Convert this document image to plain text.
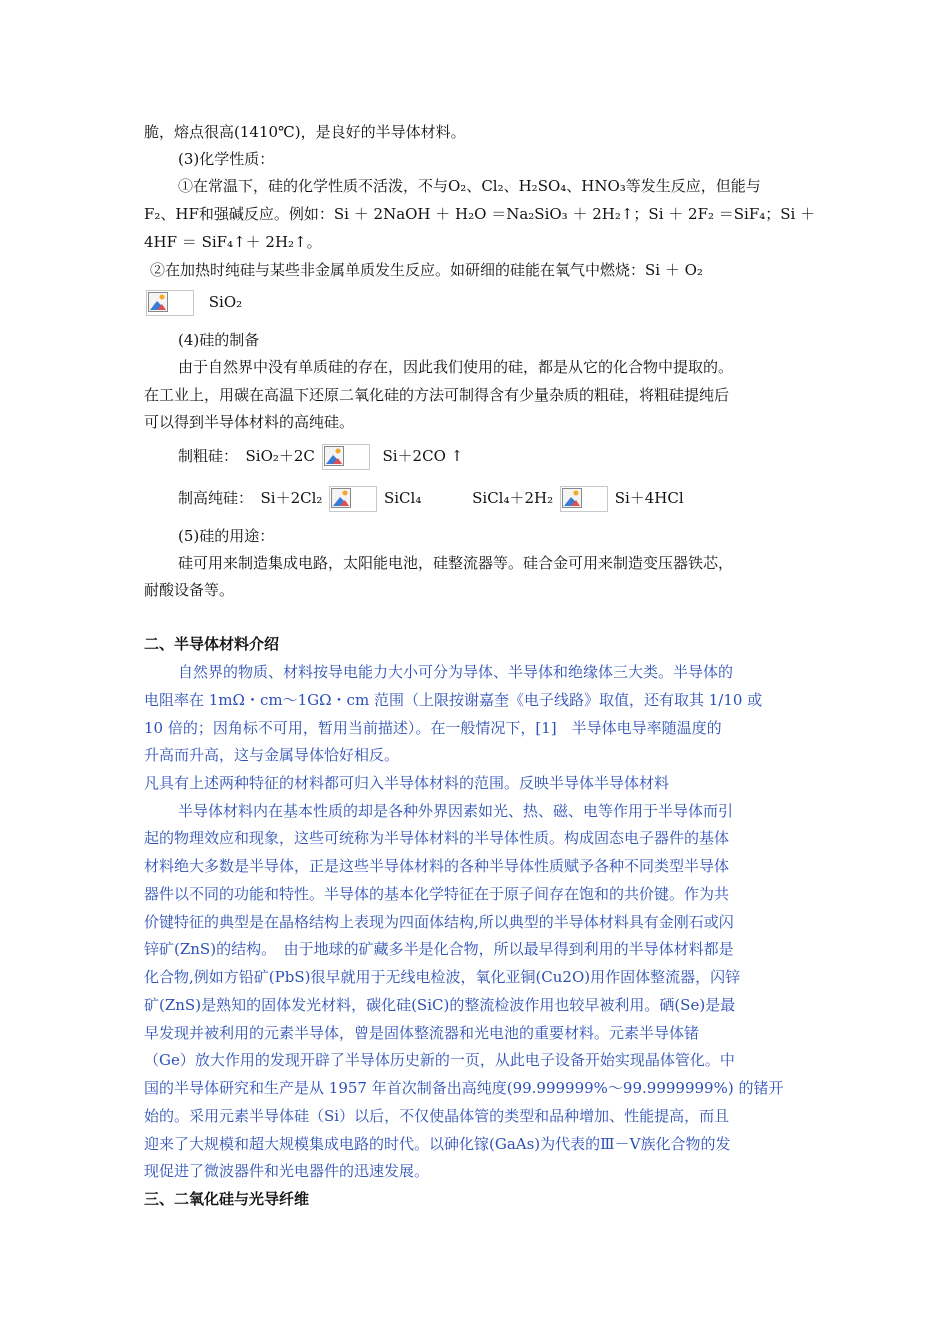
脆，熔点很高(1410℃)，是良好的半导体材料。
(3)化学性质：
①在常温下，硅的化学性质不活泼，不与O₂、Cl₂、H₂SO₄、HNO₃等发生反应，但能与
F₂、HF和强碱反应。例如：Si ＋ 2NaOH ＋ H₂O ＝Na₂SiO₃ ＋ 2H₂↑；Si ＋ 2F₂ ＝SiF₄；Si ＋
4HF ＝ SiF₄↑＋ 2H₂↑。
②在加热时纯硅与某些非金属单质发生反应。如研细的硅能在氧气中燃烧：Si ＋ O₂
SiO₂
(4)硅的制备
由于自然界中没有单质硅的存在，因此我们使用的硅，都是从它的化合物中提取的。
在工业上，用碳在高温下还原二氧化硅的方法可制得含有少量杂质的粗硅，将粗硅提纯后
可以得到半导体材料的高纯硅。
制粗硅：　SiO₂＋2C	Si＋2CO ↑
制高纯硅：　Si＋2Cl₂	SiCl₄	SiCl₄＋2H₂	Si＋4HCl
(5)硅的用途：
硅可用来制造集成电路，太阳能电池，硅整流器等。硅合金可用来制造变压器铁芯，
耐酸设备等。
二、半导体材料介绍
自然界的物质、材料按导电能力大小可分为导体、半导体和绝缘体三大类。半导体的
电阻率在 1mΩ・cm～1GΩ・cm 范围（上限按谢嘉奎《电子线路》取值，还有取其 1/10 或
10 倍的；因角标不可用，暂用当前描述）。在一般情况下，[1]　半导体电导率随温度的
升高而升高，这与金属导体恰好相反。
凡具有上述两种特征的材料都可归入半导体材料的范围。反映半导体半导体材料
半导体材料内在基本性质的却是各种外界因素如光、热、磁、电等作用于半导体而引
起的物理效应和现象，这些可统称为半导体材料的半导体性质。构成固态电子器件的基体
材料绝大多数是半导体，正是这些半导体材料的各种半导体性质赋予各种不同类型半导体
器件以不同的功能和特性。半导体的基本化学特征在于原子间存在饱和的共价键。作为共
价键特征的典型是在晶格结构上表现为四面体结构,所以典型的半导体材料具有金刚石或闪
锌矿(ZnS)的结构。　由于地球的矿藏多半是化合物，所以最早得到利用的半导体材料都是
化合物,例如方铅矿(PbS)很早就用于无线电检波，氧化亚铜(Cu2O)用作固体整流器，闪锌
矿(ZnS)是熟知的固体发光材料，碳化硅(SiC)的整流检波作用也较早被利用。硒(Se)是最
早发现并被利用的元素半导体，曾是固体整流器和光电池的重要材料。元素半导体锗
（Ge）放大作用的发现开辟了半导体历史新的一页，从此电子设备开始实现晶体管化。中
国的半导体研究和生产是从 1957 年首次制备出高纯度(99.999999%～99.9999999%) 的锗开
始的。采用元素半导体硅（Si）以后，不仅使晶体管的类型和品种增加、性能提高，而且
迎来了大规模和超大规模集成电路的时代。以砷化镓(GaAs)为代表的Ⅲ－Ⅴ族化合物的发
现促进了微波器件和光电器件的迅速发展。
三、二氧化硅与光导纤维
